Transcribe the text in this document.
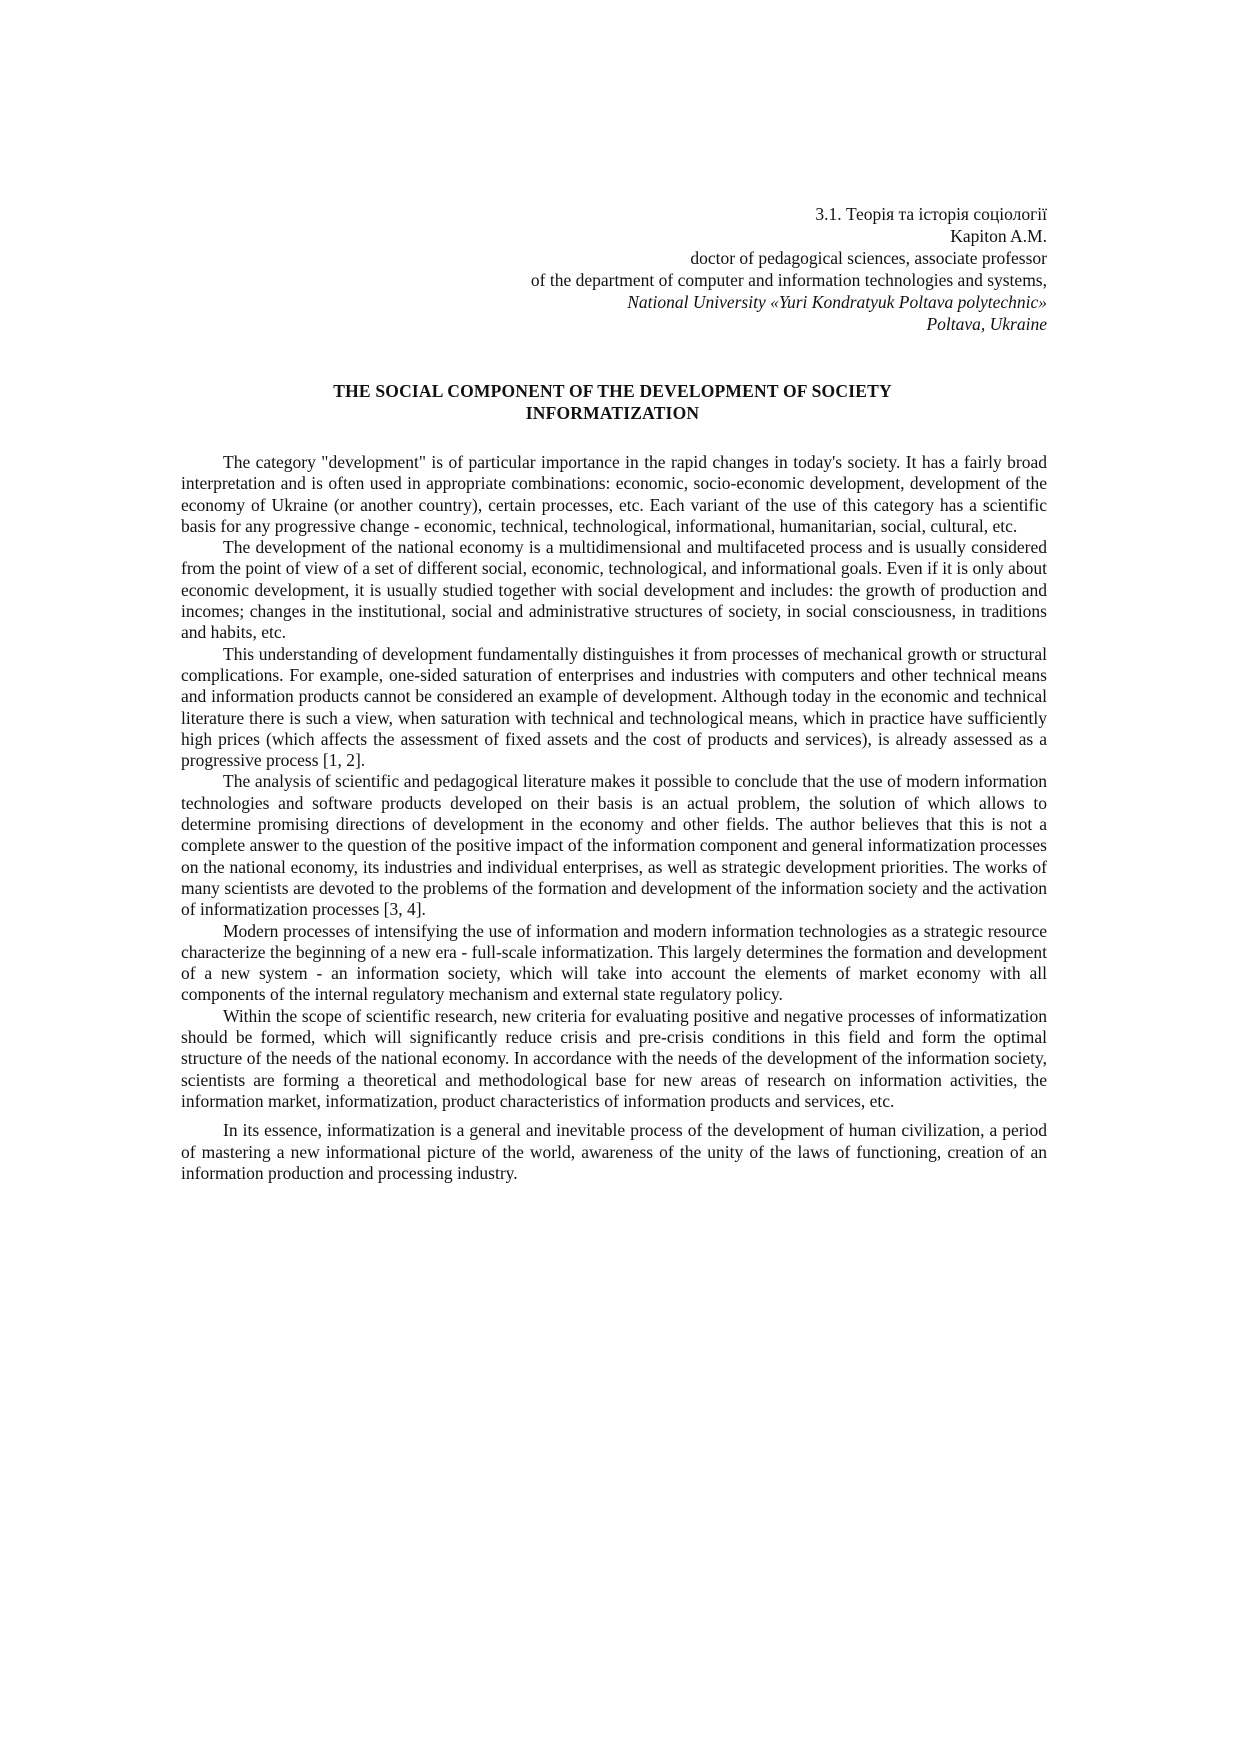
3.1. Теорія та історія соціології
Kapiton A.M.
doctor of pedagogical sciences, associate professor
of the department of computer and information technologies and systems,
National University «Yuri Kondratyuk Poltava polytechnic»
Poltava, Ukraine
THE SOCIAL COMPONENT OF THE DEVELOPMENT OF SOCIETY
INFORMATIZATION

The category "development" is of particular importance in the rapid changes in today's society. It has a fairly broad interpretation and is often used in appropriate combinations: economic, socio-economic development, development of the economy of Ukraine (or another country), certain processes, etc. Each variant of the use of this category has a scientific basis for any progressive change - economic, technical, technological, informational, humanitarian, social, cultural, etc.

The development of the national economy is a multidimensional and multifaceted process and is usually considered from the point of view of a set of different social, economic, technological, and informational goals. Even if it is only about economic development, it is usually studied together with social development and includes: the growth of production and incomes; changes in the institutional, social and administrative structures of society, in social consciousness, in traditions and habits, etc.

This understanding of development fundamentally distinguishes it from processes of mechanical growth or structural complications. For example, one-sided saturation of enterprises and industries with computers and other technical means and information products cannot be considered an example of development. Although today in the economic and technical literature there is such a view, when saturation with technical and technological means, which in practice have sufficiently high prices (which affects the assessment of fixed assets and the cost of products and services), is already assessed as a progressive process [1, 2].

The analysis of scientific and pedagogical literature makes it possible to conclude that the use of modern information technologies and software products developed on their basis is an actual problem, the solution of which allows to determine promising directions of development in the economy and other fields. The author believes that this is not a complete answer to the question of the positive impact of the information component and general informatization processes on the national economy, its industries and individual enterprises, as well as strategic development priorities. The works of many scientists are devoted to the problems of the formation and development of the information society and the activation of informatization processes [3, 4].

Modern processes of intensifying the use of information and modern information technologies as a strategic resource characterize the beginning of a new era - full-scale informatization. This largely determines the formation and development of a new system - an information society, which will take into account the elements of market economy with all components of the internal regulatory mechanism and external state regulatory policy.

Within the scope of scientific research, new criteria for evaluating positive and negative processes of informatization should be formed, which will significantly reduce crisis and pre-crisis conditions in this field and form the optimal structure of the needs of the national economy. In accordance with the needs of the development of the information society, scientists are forming a theoretical and methodological base for new areas of research on information activities, the information market, informatization, product characteristics of information products and services, etc.

In its essence, informatization is a general and inevitable process of the development of human civilization, a period of mastering a new informational picture of the world, awareness of the unity of the laws of functioning, creation of an information production and processing industry.
